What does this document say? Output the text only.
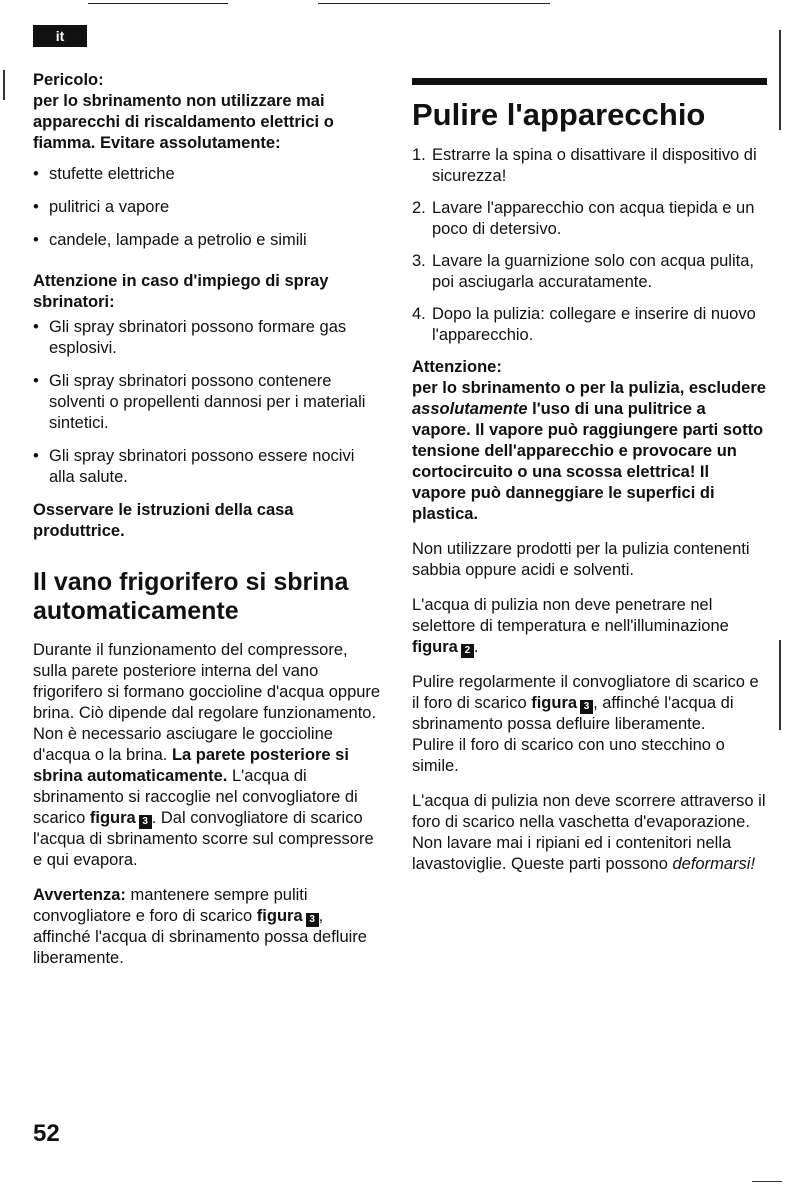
it

Pericolo:

per lo sbrinamento non utilizzare mai apparecchi di riscaldamento elettrici o fiamma. Evitare assolutamente:

• stufette elettriche
• pulitrici a vapore
• candele, lampade a petrolio e simili

Attenzione in caso d'impiego di spray sbrinatori:

• Gli spray sbrinatori possono formare gas esplosivi.
• Gli spray sbrinatori possono contenere solventi o propellenti dannosi per i materiali sintetici.
• Gli spray sbrinatori possono essere nocivi alla salute.

Osservare le istruzioni della casa produttrice.

Il vano frigorifero si sbrina automaticamente

Durante il funzionamento del compressore, sulla parete posteriore interna del vano frigorifero si formano goccioline d'acqua oppure brina. Ciò dipende dal regolare funzionamento. Non è necessario asciugare le goccioline d'acqua o la brina. La parete posteriore si sbrina automaticamente. L'acqua di sbrinamento si raccoglie nel convogliatore di scarico figura 3 . Dal convogliatore di scarico l'acqua di sbrinamento scorre sul compressore e qui evapora.

Avvertenza: mantenere sempre puliti convogliatore e foro di scarico figura 3 , affinché l'acqua di sbrinamento possa defluire liberamente.

Pulire l'apparecchio
1. Estrarre la spina o disattivare il dispositivo di sicurezza!
2. Lavare l'apparecchio con acqua tiepida e un poco di detersivo.
3. Lavare la guarnizione solo con acqua pulita, poi asciugarla accuratamente.
4. Dopo la pulizia: collegare e inserire di nuovo l'apparecchio.

Attenzione:

per lo sbrinamento o per la pulizia, escludere assolutamente l'uso di una pulitrice a vapore. Il vapore può raggiungere parti sotto tensione dell'apparecchio e provocare un cortocircuito o una scossa elettrica! Il vapore può danneggiare le superfici di plastica.

Non utilizzare prodotti per la pulizia contenenti sabbia oppure acidi e solventi.

L'acqua di pulizia non deve penetrare nel selettore di temperatura e nell'illuminazione figura 2 .

Pulire regolarmente il convogliatore di scarico e il foro di scarico figura 3 , affinché l'acqua di sbrinamento possa defluire liberamente.

Pulire il foro di scarico con uno stecchino o simile.

L'acqua di pulizia non deve scorrere attraverso il foro di scarico nella vaschetta d'evaporazione.

Non lavare mai i ripiani ed i contenitori nella lavastoviglie. Queste parti possono deformarsi!

52
